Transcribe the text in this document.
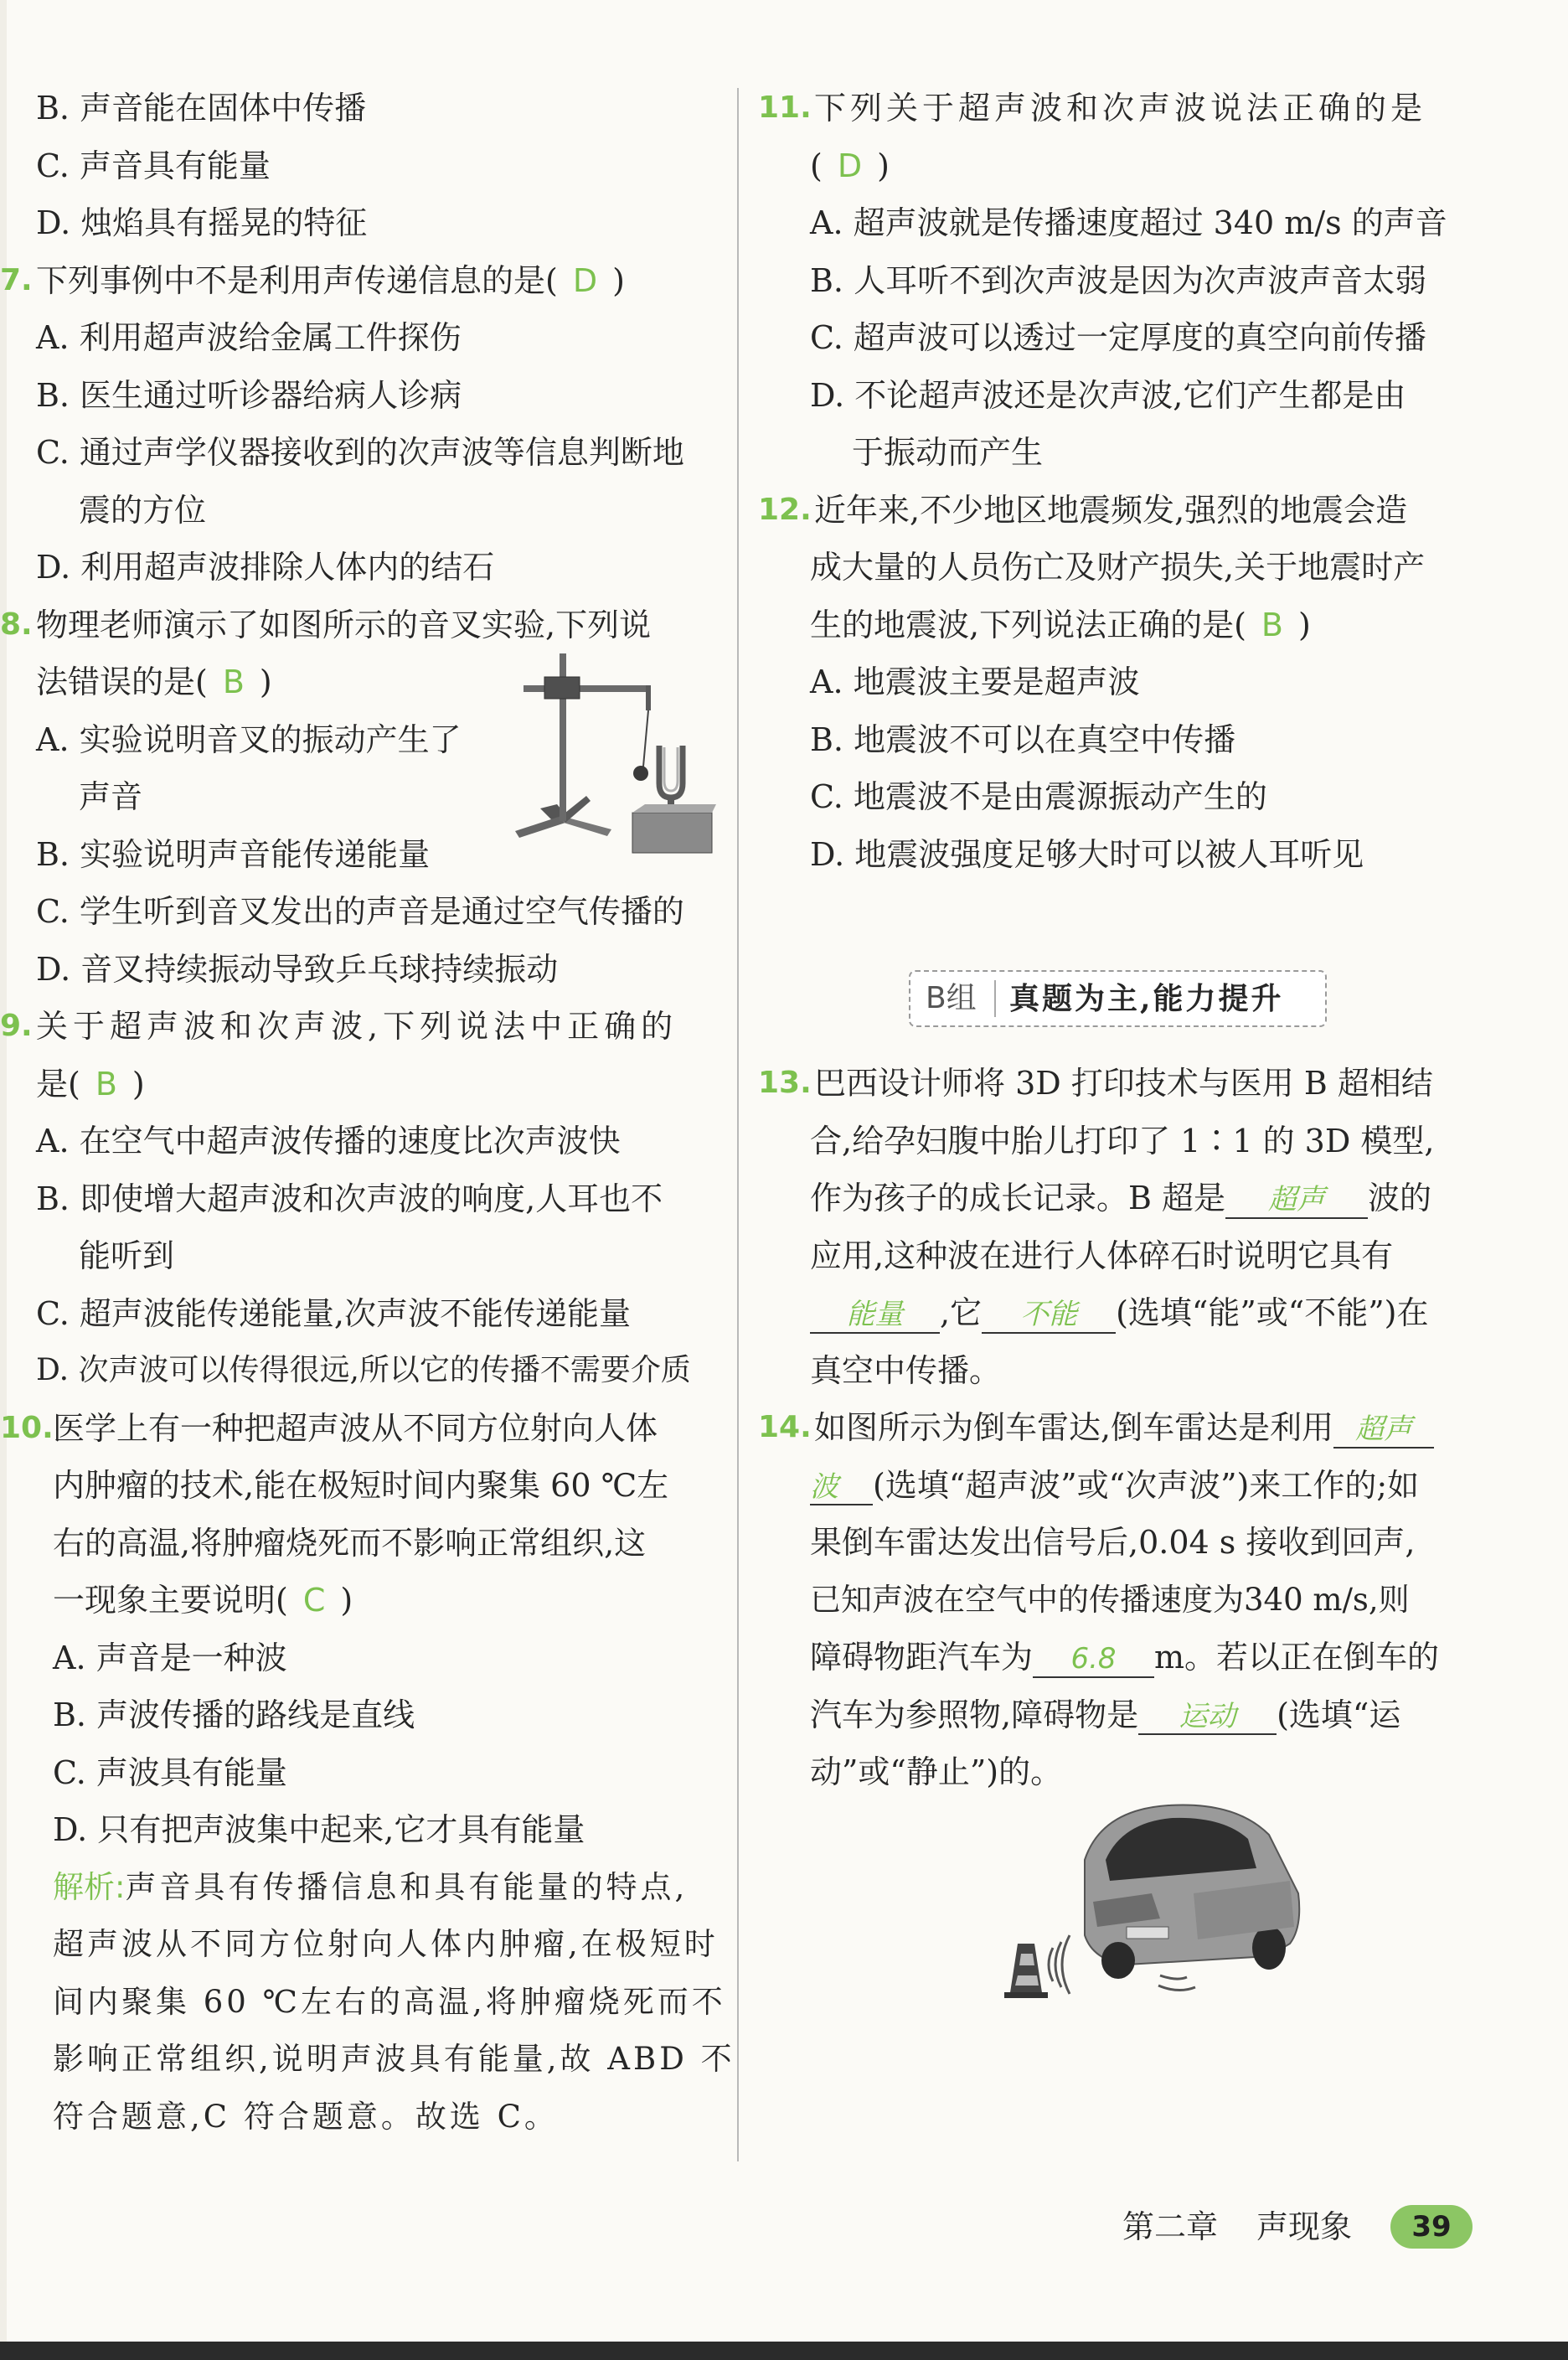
B. 声音能在固体中传播
C. 声音具有能量
D. 烛焰具有摇晃的特征
7. 下列事例中不是利用声传递信息的是( D )
A. 利用超声波给金属工件探伤
B. 医生通过听诊器给病人诊病
C. 通过声学仪器接收到的次声波等信息判断地
震的方位
D. 利用超声波排除人体内的结石
8. 物理老师演示了如图所示的音叉实验,下列说
法错误的是( B )
A. 实验说明音叉的振动产生了
声音
B. 实验说明声音能传递能量
C. 学生听到音叉发出的声音是通过空气传播的
D. 音叉持续振动导致乒乓球持续振动
9. 关于超声波和次声波,下列说法中正确的
是( B )
A. 在空气中超声波传播的速度比次声波快
B. 即使增大超声波和次声波的响度,人耳也不
能听到
C. 超声波能传递能量,次声波不能传递能量
D. 次声波可以传得很远,所以它的传播不需要介质
10. 医学上有一种把超声波从不同方位射向人体
内肿瘤的技术,能在极短时间内聚集 60 ℃左
右的高温,将肿瘤烧死而不影响正常组织,这
一现象主要说明( C )
A. 声音是一种波
B. 声波传播的路线是直线
C. 声波具有能量
D. 只有把声波集中起来,它才具有能量
解析:声音具有传播信息和具有能量的特点,
超声波从不同方位射向人体内肿瘤,在极短时
间内聚集 60 ℃左右的高温,将肿瘤烧死而不
影响正常组织,说明声波具有能量,故 ABD 不
符合题意,C 符合题意。故选 C。
11. 下列关于超声波和次声波说法正确的是
( D )
A. 超声波就是传播速度超过 340 m/s 的声音
B. 人耳听不到次声波是因为次声波声音太弱
C. 超声波可以透过一定厚度的真空向前传播
D. 不论超声波还是次声波,它们产生都是由
于振动而产生
12. 近年来,不少地区地震频发,强烈的地震会造
成大量的人员伤亡及财产损失,关于地震时产
生的地震波,下列说法正确的是( B )
A. 地震波主要是超声波
B. 地震波不可以在真空中传播
C. 地震波不是由震源振动产生的
D. 地震波强度足够大时可以被人耳听见
13. 巴西设计师将 3D 打印技术与医用 B 超相结
合,给孕妇腹中胎儿打印了 1∶1 的 3D 模型,
作为孩子的成长记录。B 超是 超声 波的
应用,这种波在进行人体碎石时说明它具有
能量 ,它 不能 (选填“能”或“不能”)在
真空中传播。
14. 如图所示为倒车雷达,倒车雷达是利用 超声
波 (选填“超声波”或“次声波”)来工作的;如
果倒车雷达发出信号后,0.04 s 接收到回声,
已知声波在空气中的传播速度为340 m/s,则
障碍物距汽车为 6.8 m。若以正在倒车的
汽车为参照物,障碍物是 运动 (选填“运
动”或“静止”)的。
B组 真题为主,能力提升
第二章 声现象	39
